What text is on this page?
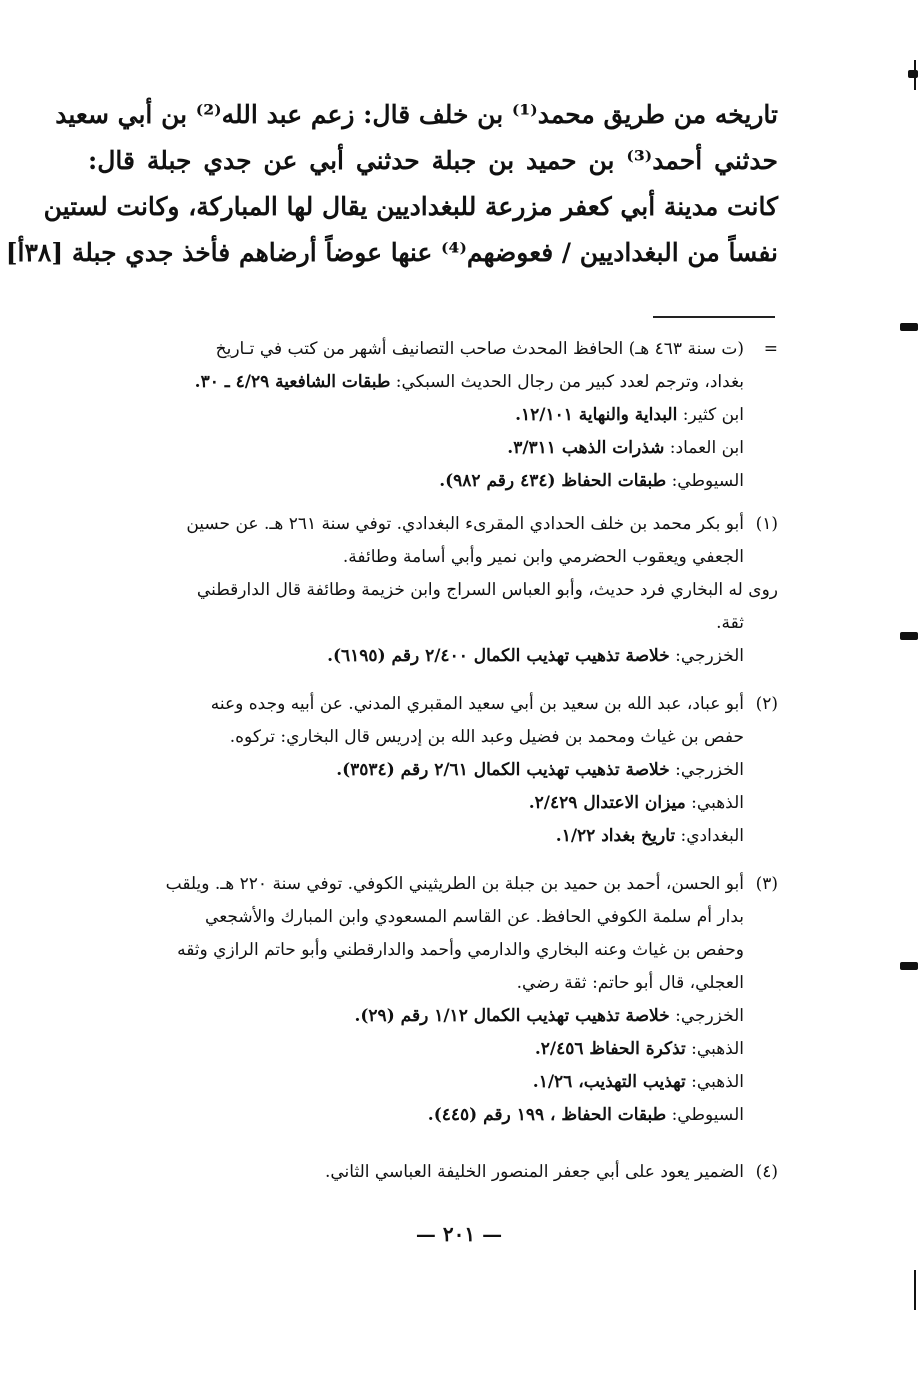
تاريخه من طريق محمد⁽¹⁾ بن خلف قال: زعم عبد الله⁽²⁾ بن أبي سعيد
حدثني أحمد⁽³⁾ بن حميد بن جبلة حدثني أبي عن جدي جبلة قال:
كانت مدينة أبي كعفر مزرعة للبغداديين يقال لها المباركة، وكانت لستين
نفساً من البغداديين / فعوضهم⁽⁴⁾ عنها عوضاً أرضاهم فأخذ جدي جبلة [٣٨أ]
=(ت سنة ٤٦٣ هـ) الحافظ المحدث صاحب التصانيف أشهر من كتب في تـاريخ
بغداد، وترجم لعدد كبير من رجال الحديث السبكي: طبقات الشافعية ٤/٢٩ ـ ٣٠.
ابن كثير: البداية والنهاية ١٢/١٠١.
ابن العماد: شذرات الذهب ٣/٣١١.
السيوطي: طبقات الحفاظ (٤٣٤ رقم ٩٨٢).
(١)أبو بكر محمد بن خلف الحدادي المقرىء البغدادي. توفي سنة ٢٦١ هـ. عن حسين
الجعفي ويعقوب الحضرمي وابن نمير وأبي أسامة وطائفة.
روى له البخاري فرد حديث، وأبو العباس السراج وابن خزيمة وطائفة قال الدارقطني
ثقة.
الخزرجي: خلاصة تذهيب تهذيب الكمال ٢/٤٠٠ رقم (٦١٩٥).
(٢)أبو عباد، عبد الله بن سعيد بن أبي سعيد المقبري المدني. عن أبيه وجده وعنه
حفص بن غياث ومحمد بن فضيل وعبد الله بن إدريس قال البخاري: تركوه.
الخزرجي: خلاصة تذهيب تهذيب الكمال ٢/٦١ رقم (٣٥٣٤).
الذهبي: ميزان الاعتدال ٢/٤٢٩.
البغدادي: تاريخ بغداد ١/٢٢.
(٣)أبو الحسن، أحمد بن حميد بن جبلة بن الطريثيني الكوفي. توفي سنة ٢٢٠ هـ. ويلقب
بدار أم سلمة الكوفي الحافظ. عن القاسم المسعودي وابن المبارك والأشجعي
وحفص بن غياث وعنه البخاري والدارمي وأحمد والدارقطني وأبو حاتم الرازي وثقه
العجلي، قال أبو حاتم: ثقة رضي.
الخزرجي: خلاصة تذهيب تهذيب الكمال ١/١٢ رقم (٢٩).
الذهبي: تذكرة الحفاظ ٢/٤٥٦.
الذهبي: تهذيب التهذيب، ١/٢٦.
السيوطي: طبقات الحفاظ ، ١٩٩ رقم (٤٤٥).
(٤)الضمير يعود على أبي جعفر المنصور الخليفة العباسي الثاني.
— ٢٠١ —
